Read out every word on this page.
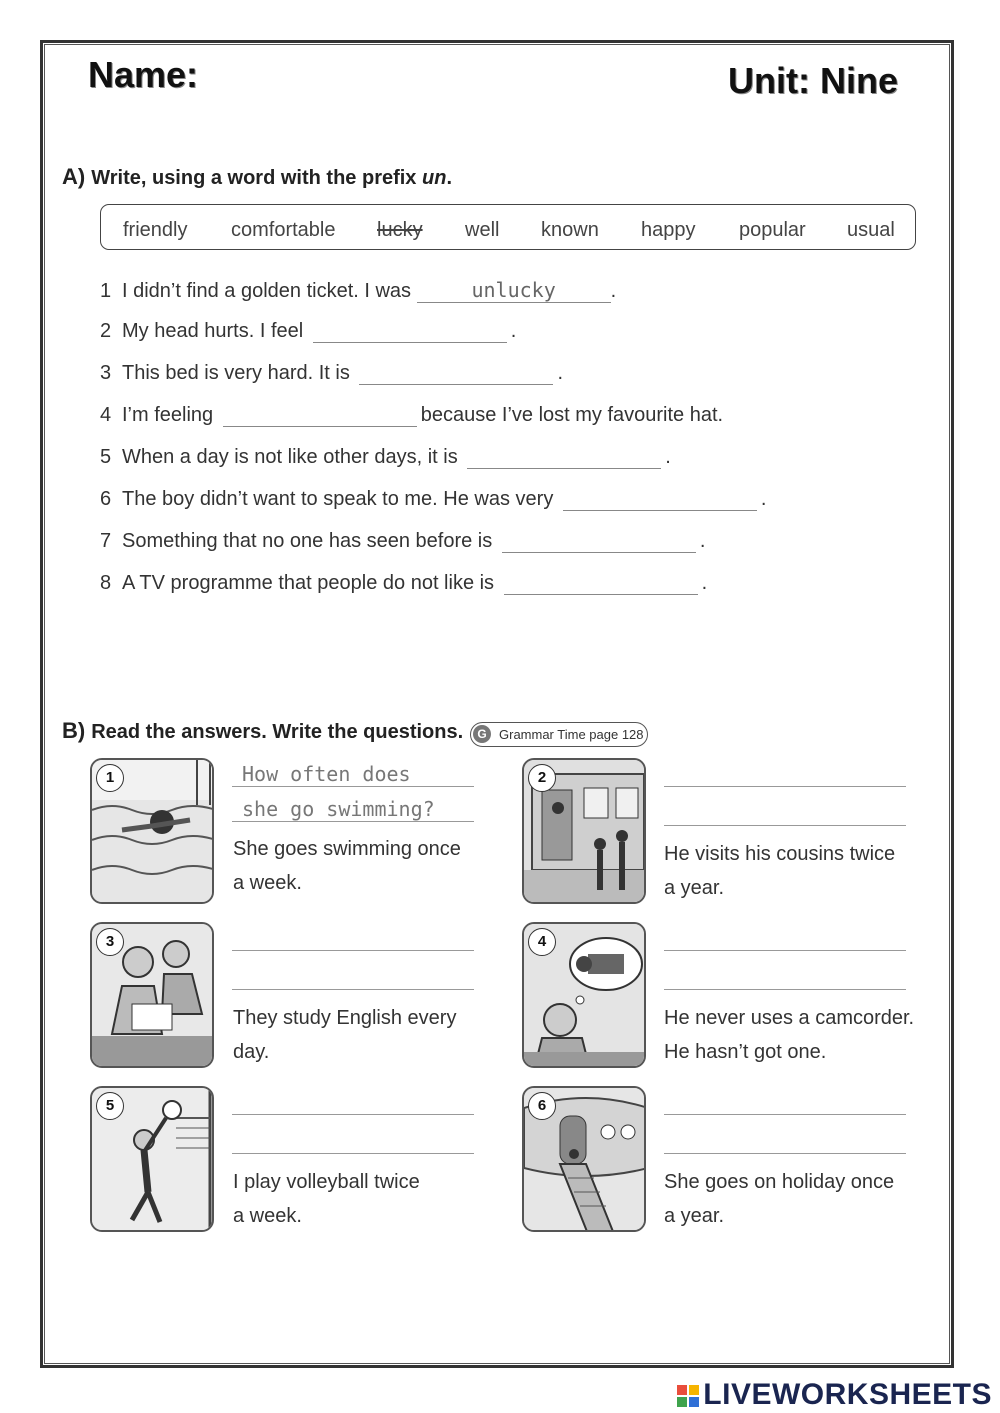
Name:	Unit: Nine
A) Write, using a word with the prefix un.
friendly comfortable lucky well known happy popular usual
1 I didn’t find a golden ticket. I was	unlucky	.
2 My head hurts. I feel	.
3 This bed is very hard. It is	.
4 I’m feeling	because I’ve lost my favourite hat.
5 When a day is not like other days, it is	.
6 The boy didn’t want to speak to me. He was very	.
7 Something that no one has seen before is	.
8 A TV programme that people do not like is	.
B) Read the answers. Write the questions.	G Grammar Time page 128
1	How often does
she go swimming?
She goes swimming once
a week.
2
He visits his cousins twice
a year.
3
They study English every
day.
4
He never uses a camcorder.
He hasn’t got one.
5
I play volleyball twice
a week.
6
She goes on holiday once
a year.
LIVEWORKSHEETS
